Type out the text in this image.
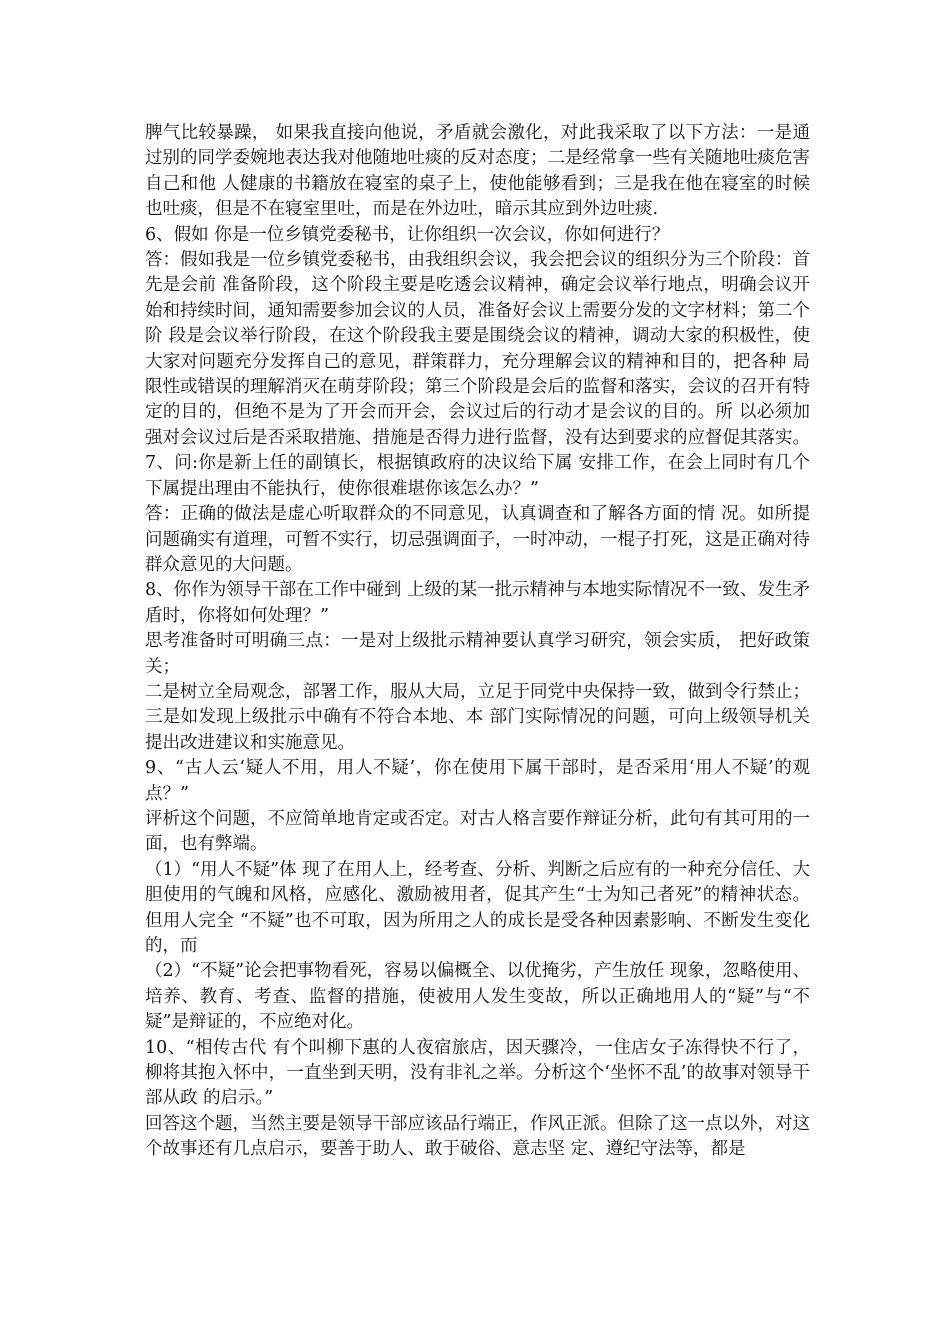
脾气比较暴躁， 如果我直接向他说，矛盾就会激化，对此我采取了以下方法：一是通过别的同学委婉地表达我对他随地吐痰的反对态度；二是经常拿一些有关随地吐痰危害自己和他 人健康的书籍放在寝室的桌子上，使他能够看到；三是我在他在寝室的时候也吐痰，但是不在寝室里吐，而是在外边吐，暗示其应到外边吐痰.

6、假如 你是一位乡镇党委秘书，让你组织一次会议，你如何进行？

答：假如我是一位乡镇党委秘书，由我组织会议，我会把会议的组织分为三个阶段：首先是会前 准备阶段，这个阶段主要是吃透会议精神，确定会议举行地点，明确会议开始和持续时间，通知需要参加会议的人员，准备好会议上需要分发的文字材料；第二个阶 段是会议举行阶段，在这个阶段我主要是围绕会议的精神，调动大家的积极性，使大家对问题充分发挥自己的意见，群策群力，充分理解会议的精神和目的，把各种 局限性或错误的理解消灭在萌芽阶段；第三个阶段是会后的监督和落实，会议的召开有特定的目的，但绝不是为了开会而开会，会议过后的行动才是会议的目的。所 以必须加强对会议过后是否采取措施、措施是否得力进行监督，没有达到要求的应督促其落实。

7、问:你是新上任的副镇长，根据镇政府的决议给下属 安排工作，在会上同时有几个下属提出理由不能执行，使你很难堪你该怎么办？”

答：正确的做法是虚心听取群众的不同意见，认真调查和了解各方面的情 况。如所提问题确实有道理，可暂不实行，切忌强调面子，一时冲动，一棍子打死，这是正确对待群众意见的大问题。

8、你作为领导干部在工作中碰到 上级的某一批示精神与本地实际情况不一致、发生矛盾时，你将如何处理？”

思考准备时可明确三点：一是对上级批示精神要认真学习研究，领会实质， 把好政策关；

二是树立全局观念，部署工作，服从大局，立足于同党中央保持一致，做到令行禁止；

三是如发现上级批示中确有不符合本地、本 部门实际情况的问题，可向上级领导机关提出改进建议和实施意见。

9、“古人云‘疑人不用，用人不疑’，你在使用下属干部时，是否采用‘用人不疑’的观点？”

评析这个问题，不应简单地肯定或否定。对古人格言要作辩证分析，此句有其可用的一面，也有弊端。

（1）“用人不疑”体 现了在用人上，经考查、分析、判断之后应有的一种充分信任、大胆使用的气魄和风格，应感化、激励被用者，促其产生“士为知己者死”的精神状态。但用人完全 “不疑”也不可取，因为所用之人的成长是受各种因素影响、不断发生变化的，而

（2）“不疑”论会把事物看死，容易以偏概全、以优掩劣，产生放任 现象，忽略使用、培养、教育、考查、监督的措施，使被用人发生变故，所以正确地用人的“疑”与“不疑”是辩证的，不应绝对化。

10、“相传古代 有个叫柳下惠的人夜宿旅店，因天骤冷，一住店女子冻得快不行了，柳将其抱入怀中，一直坐到天明，没有非礼之举。分析这个‘坐怀不乱’的故事对领导干部从政 的启示。”

回答这个题，当然主要是领导干部应该品行端正，作风正派。但除了这一点以外，对这个故事还有几点启示，要善于助人、敢于破俗、意志坚 定、遵纪守法等，都是
